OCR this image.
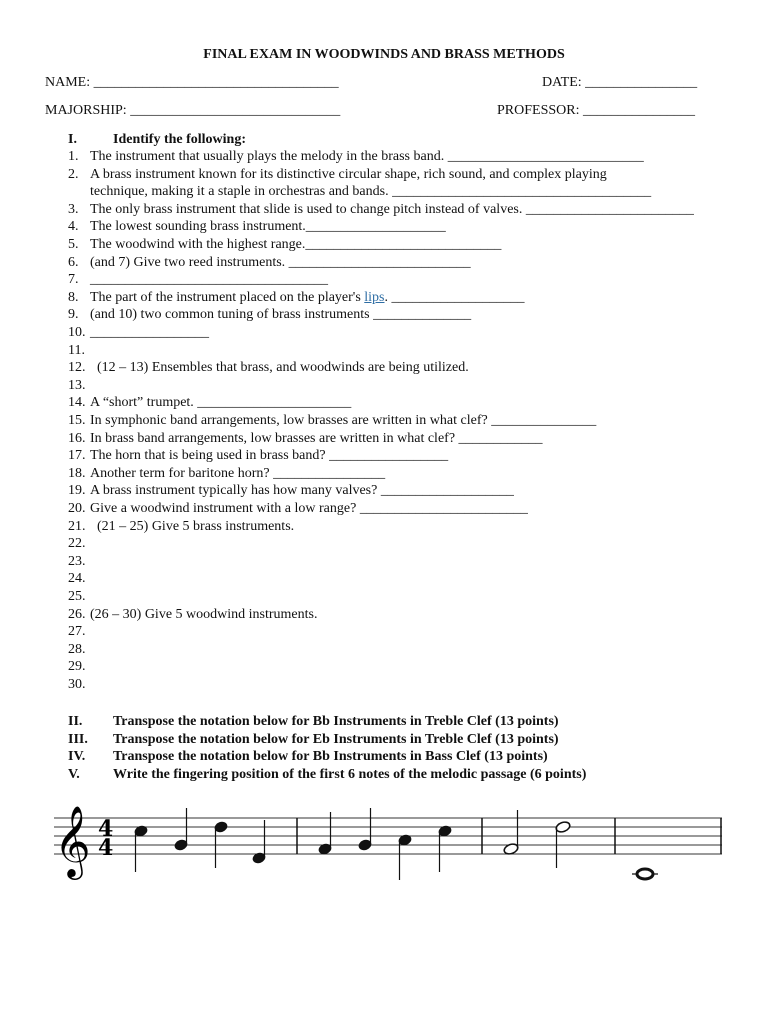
FINAL EXAM IN WOODWINDS AND BRASS METHODS
NAME: ___________________________________	DATE: ________________
MAJORSHIP: ______________________________	PROFESSOR: ________________
I.	Identify the following:
1. The instrument that usually plays the melody in the brass band. ____________________________
2. A brass instrument known for its distinctive circular shape, rich sound, and complex playing
technique, making it a staple in orchestras and bands. _____________________________________
3. The only brass instrument that slide is used to change pitch instead of valves. ________________________
4. The lowest sounding brass instrument.____________________
5. The woodwind with the highest range.____________________________
6. (and 7) Give two reed instruments. __________________________
7. __________________________________
8. The part of the instrument placed on the player's lips. ___________________
9. (and 10) two common tuning of brass instruments ______________
10. _________________
11.
12. (12 – 13) Ensembles that brass, and woodwinds are being utilized.
13.
14. A “short” trumpet. ______________________
15. In symphonic band arrangements, low brasses are written in what clef? _______________
16. In brass band arrangements, low brasses are written in what clef? ____________
17. The horn that is being used in brass band? _________________
18. Another term for baritone horn? ________________
19. A brass instrument typically has how many valves? ___________________
20. Give a woodwind instrument with a low range? ________________________
21. (21 – 25) Give 5 brass instruments.
22.
23.
24.
25.
26. (26 – 30) Give 5 woodwind instruments.
27.
28.
29.
30.
II. Transpose the notation below for Bb Instruments in Treble Clef (13 points)
III. Transpose the notation below for Eb Instruments in Treble Clef (13 points)
IV. Transpose the notation below for Bb Instruments in Bass Clef (13 points)
V. Write the fingering position of the first 6 notes of the melodic passage (6 points)
𝄞 4
4
